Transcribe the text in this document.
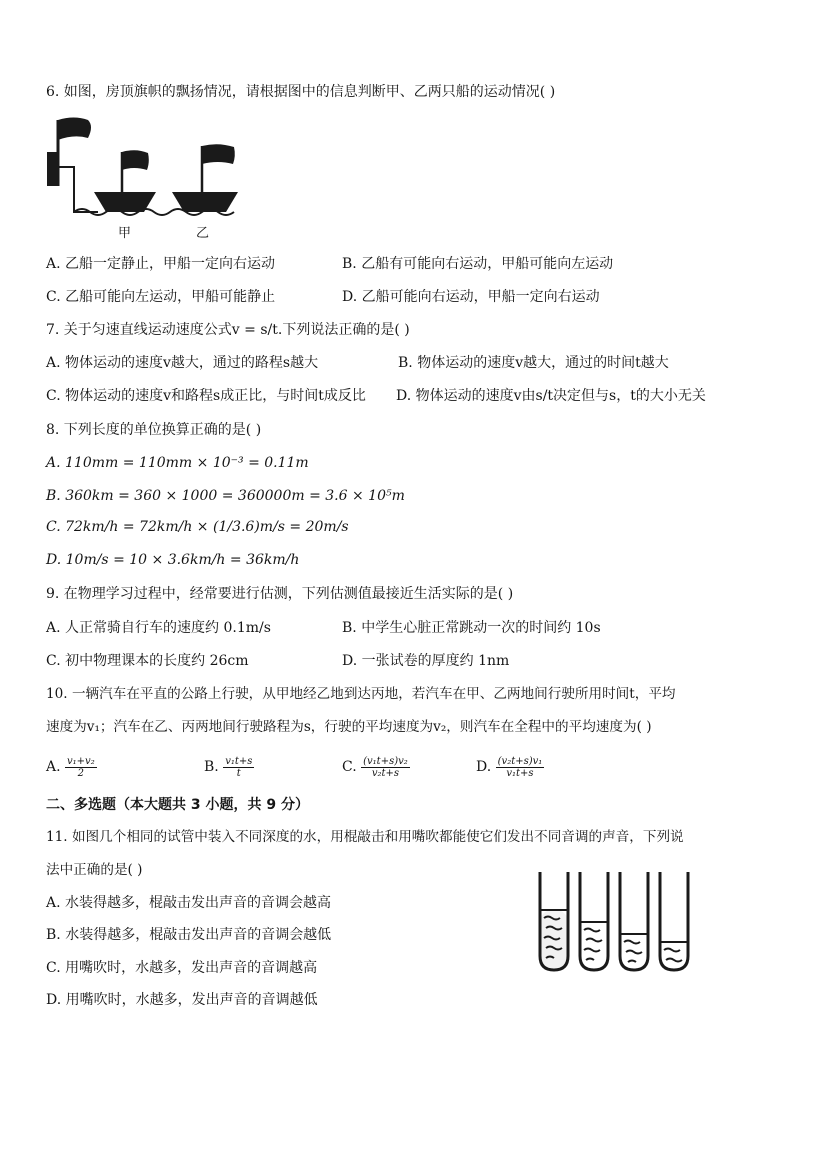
6. 如图，房顶旗帜的飘扬情况，请根据图中的信息判断甲、乙两只船的运动情况( )
甲	乙
A. 乙船一定静止，甲船一定向右运动	B. 乙船有可能向右运动，甲船可能向左运动
C. 乙船可能向左运动，甲船可能静止	D. 乙船可能向右运动，甲船一定向右运动
7. 关于匀速直线运动速度公式v = s/t.下列说法正确的是( )
A. 物体运动的速度v越大，通过的路程s越大	B. 物体运动的速度v越大，通过的时间t越大
C. 物体运动的速度v和路程s成正比，与时间t成反比 D. 物体运动的速度v由s/t决定但与s，t的大小无关
8. 下列长度的单位换算正确的是( )
A. 110mm = 110mm × 10⁻³ = 0.11m
B. 360km = 360 × 1000 = 360000m = 3.6 × 10⁵m
C. 72km/h = 72km/h × (1/3.6)m/s = 20m/s
D. 10m/s = 10 × 3.6km/h = 36km/h
9. 在物理学习过程中，经常要进行估测，下列估测值最接近生活实际的是( )
A. 人正常骑自行车的速度约 0.1m/s	B. 中学生心脏正常跳动一次的时间约 10s
C. 初中物理课本的长度约 26cm	D. 一张试卷的厚度约 1nm
10. 一辆汽车在平直的公路上行驶，从甲地经乙地到达丙地，若汽车在甲、乙两地间行驶所用时间t，平均
速度为v₁；汽车在乙、丙两地间行驶路程为s，行驶的平均速度为v₂，则汽车在全程中的平均速度为( )
A. $\frac{\text{v₁+v₂}}{2}$	B. $\frac{\text{v₁t+s}}{t}$	C. $\frac{\text{(v₁t+s)v₂}}{\text{v₂t+s}}$	D. $\frac{\text{(v₂t+s)v₁}}{\text{v₁t+s}}$
二、多选题（本大题共 3 小题，共 9 分）
11. 如图几个相同的试管中装入不同深度的水，用棍敲击和用嘴吹都能使它们发出不同音调的声音，下列说
法中正确的是( )
A. 水装得越多，棍敲击发出声音的音调会越高
B. 水装得越多，棍敲击发出声音的音调会越低
C. 用嘴吹时，水越多，发出声音的音调越高
D. 用嘴吹时，水越多，发出声音的音调越低
